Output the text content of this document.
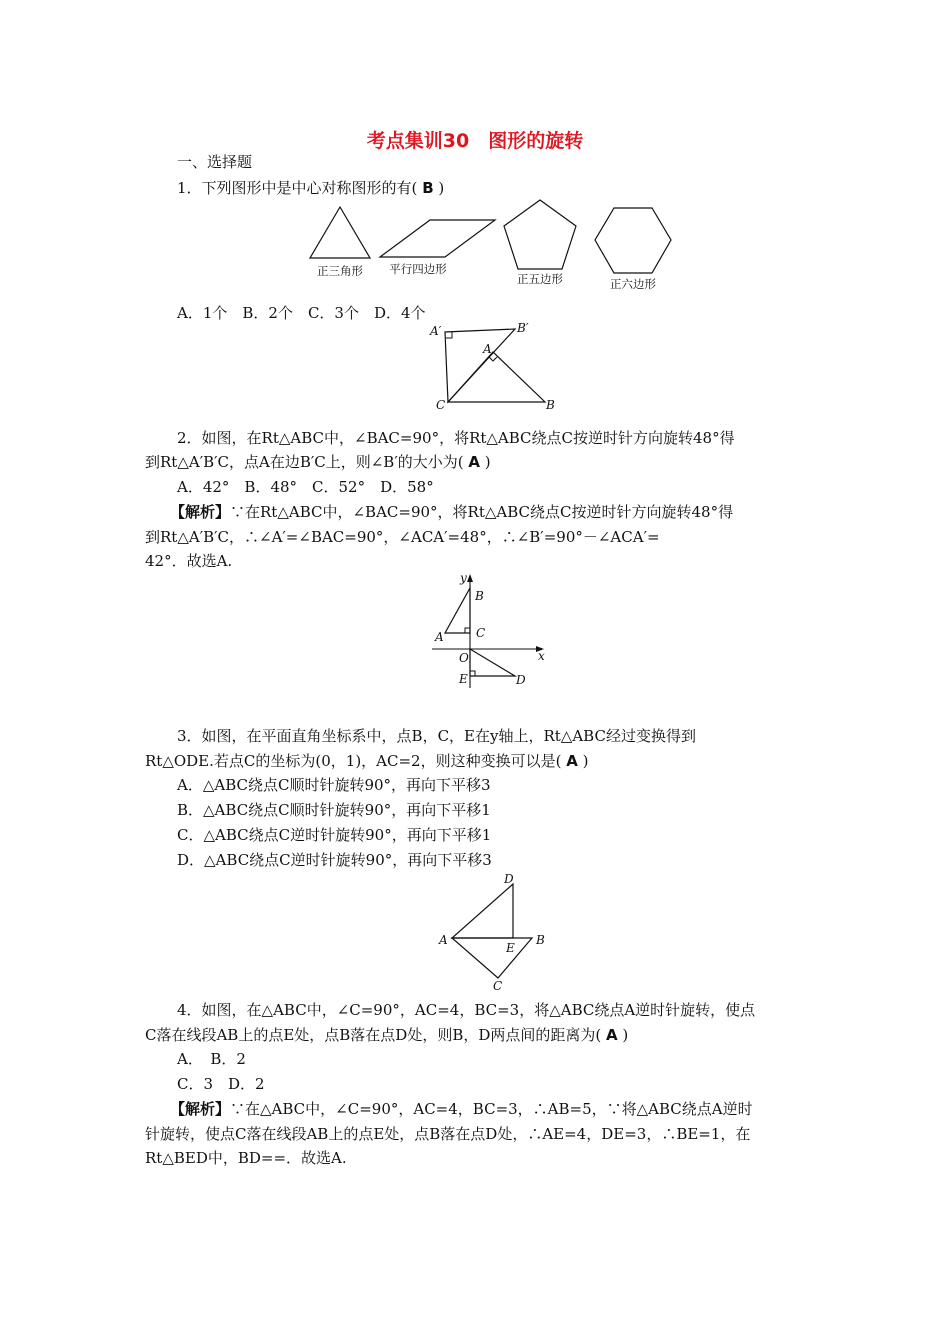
考点集训30　图形的旋转
一、选择题
1．下列图形中是中心对称图形的有( B )
正三角形 平行四边形
正五边形	正六边形
A．1个　B．2个　C．3个　D．4个
A′	B′
A
C	B
2．如图，在Rt△ABC中，∠BAC=90°，将Rt△ABC绕点C按逆时针方向旋转48°得
到Rt△A′B′C，点A在边B′C上，则∠B′的大小为( A )
A．42°　B．48°　C．52°　D．58°
【解析】∵在Rt△ABC中，∠BAC=90°，将Rt△ABC绕点C按逆时针方向旋转48°得
到Rt△A′B′C，∴∠A′=∠BAC=90°，∠ACA′=48°，∴∠B′=90°－∠ACA′=
42°．故选A.
y
B
A	C
O	x
E	D
3．如图，在平面直角坐标系中，点B，C，E在y轴上，Rt△ABC经过变换得到
Rt△ODE.若点C的坐标为(0，1)，AC=2，则这种变换可以是( A )
A．△ABC绕点C顺时针旋转90°，再向下平移3
B．△ABC绕点C顺时针旋转90°，再向下平移1
C．△ABC绕点C逆时针旋转90°，再向下平移1
D．△ABC绕点C逆时针旋转90°，再向下平移3
D
A
E
B
C
4．如图，在△ABC中，∠C=90°，AC=4，BC=3，将△ABC绕点A逆时针旋转，使点
C落在线段AB上的点E处，点B落在点D处，则B，D两点间的距离为( A )
A．　B．2
C．3　D．2
【解析】∵在△ABC中，∠C=90°，AC=4，BC=3，∴AB=5，∵将△ABC绕点A逆时
针旋转，使点C落在线段AB上的点E处，点B落在点D处，∴AE=4，DE=3，∴BE=1，在
Rt△BED中，BD==．故选A.
